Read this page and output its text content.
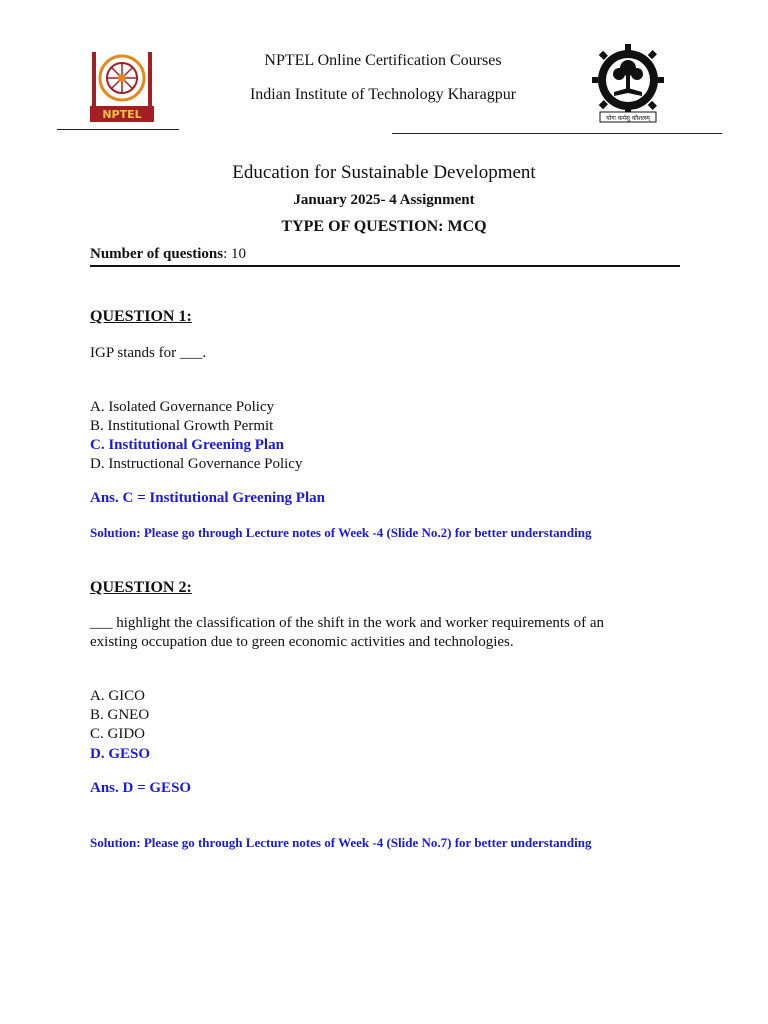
NPTEL	योगः कर्मसु कौशलम्
NPTEL Online Certification Courses
Indian Institute of Technology Kharagpur
Education for Sustainable Development
January 2025- 4 Assignment
TYPE OF QUESTION: MCQ
Number of questions: 10
QUESTION 1:
IGP stands for ___.
A. Isolated Governance Policy
B. Institutional Growth Permit
C. Institutional Greening Plan
D. Instructional Governance Policy
Ans. C = Institutional Greening Plan
Solution: Please go through Lecture notes of Week -4 (Slide No.2) for better understanding
QUESTION 2:
___ highlight the classification of the shift in the work and worker requirements of an
existing occupation due to green economic activities and technologies.
A. GICO
B. GNEO
C. GIDO
D. GESO
Ans. D = GESO
Solution: Please go through Lecture notes of Week -4 (Slide No.7) for better understanding
